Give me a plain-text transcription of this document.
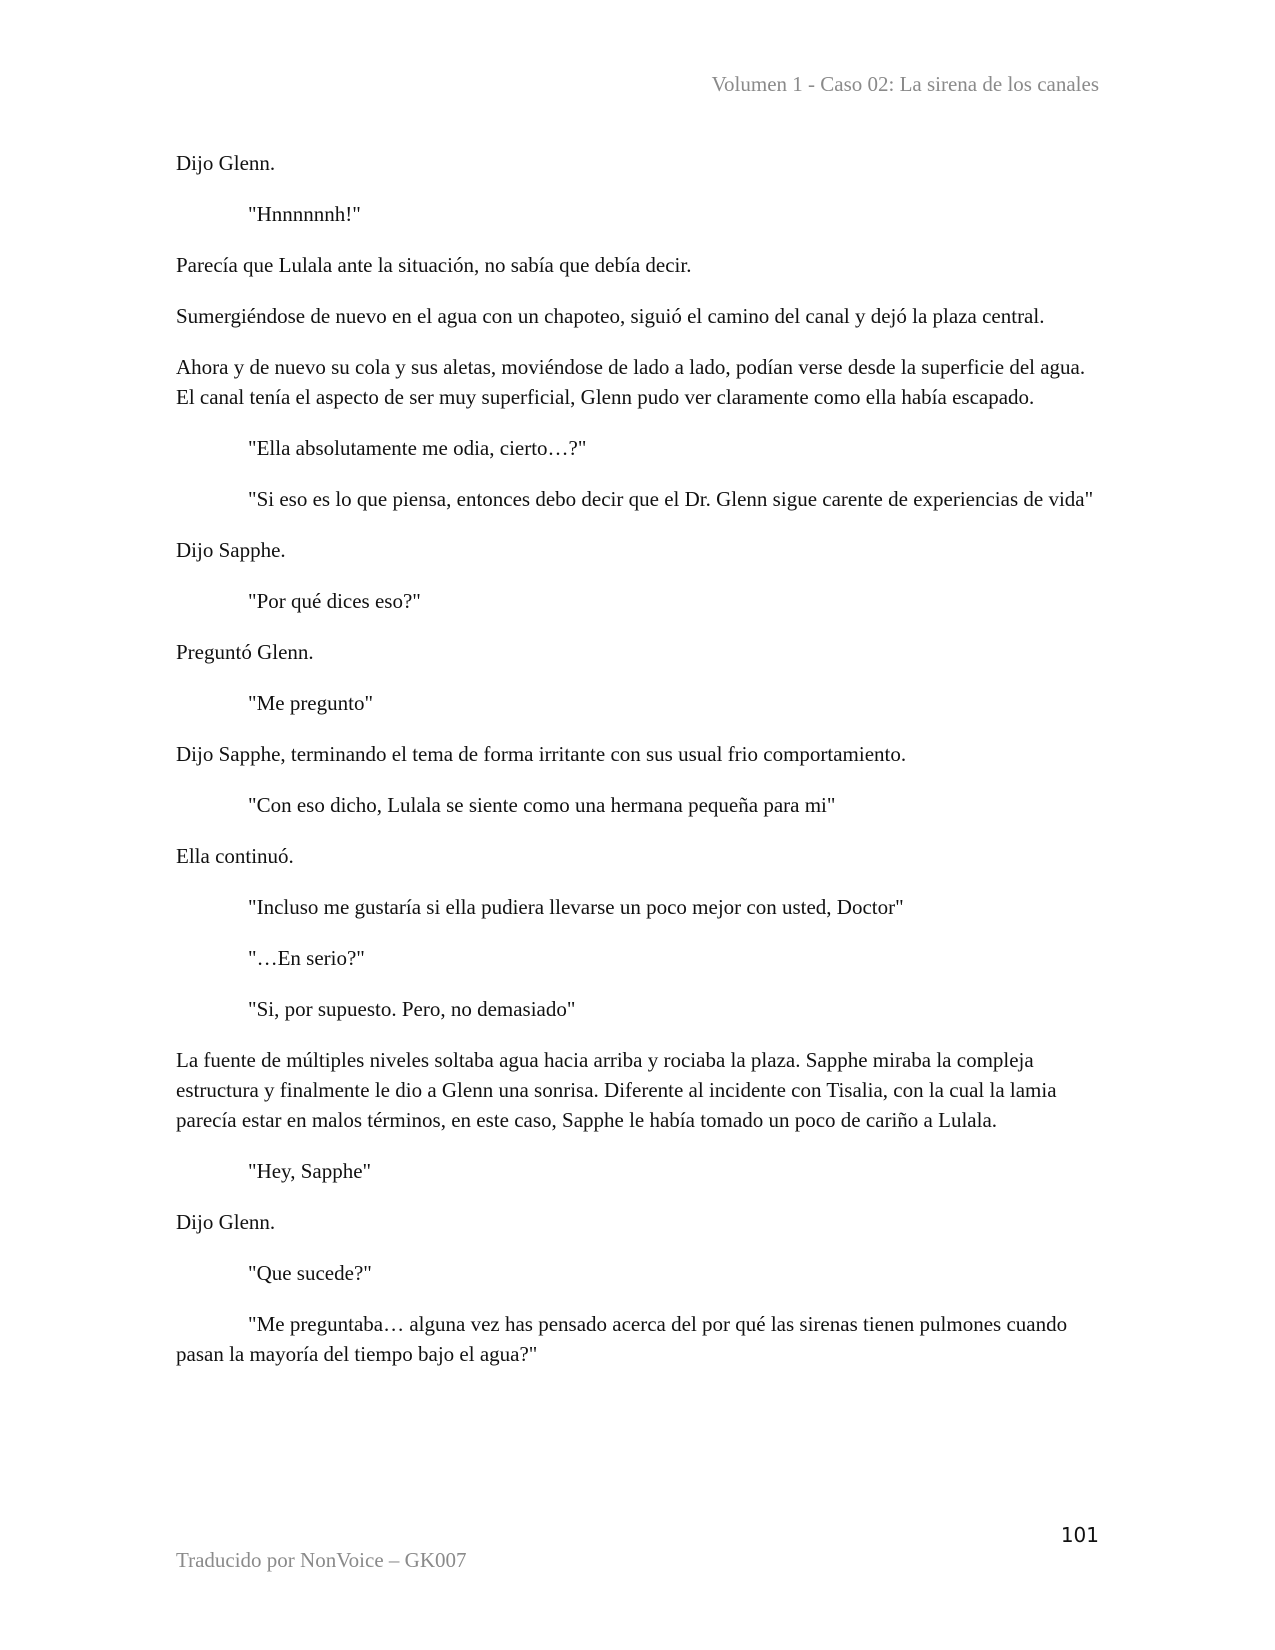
Volumen 1 - Caso 02: La sirena de los canales

Dijo Glenn.

"Hnnnnnnh!"

Parecía que Lulala ante la situación, no sabía que debía decir.

Sumergiéndose de nuevo en el agua con un chapoteo, siguió el camino del canal y dejó la plaza central.

Ahora y de nuevo su cola y sus aletas, moviéndose de lado a lado, podían verse desde la superficie del agua. El canal tenía el aspecto de ser muy superficial, Glenn pudo ver claramente como ella había escapado.

"Ella absolutamente me odia, cierto…?"

"Si eso es lo que piensa, entonces debo decir que el Dr. Glenn sigue carente de experiencias de vida"

Dijo Sapphe.

"Por qué dices eso?"

Preguntó Glenn.

"Me pregunto"

Dijo Sapphe, terminando el tema de forma irritante con sus usual frio comportamiento.

"Con eso dicho, Lulala se siente como una hermana pequeña para mi"

Ella continuó.

"Incluso me gustaría si ella pudiera llevarse un poco mejor con usted, Doctor"

"…En serio?"

"Si, por supuesto. Pero, no demasiado"

La fuente de múltiples niveles soltaba agua hacia arriba y rociaba la plaza. Sapphe miraba la compleja estructura y finalmente le dio a Glenn una sonrisa. Diferente al incidente con Tisalia, con la cual la lamia parecía estar en malos términos, en este caso, Sapphe le había tomado un poco de cariño a Lulala.

"Hey, Sapphe"

Dijo Glenn.

"Que sucede?"

"Me preguntaba… alguna vez has pensado acerca del por qué las sirenas tienen pulmones cuando pasan la mayoría del tiempo bajo el agua?"

101
Traducido por NonVoice – GK007
